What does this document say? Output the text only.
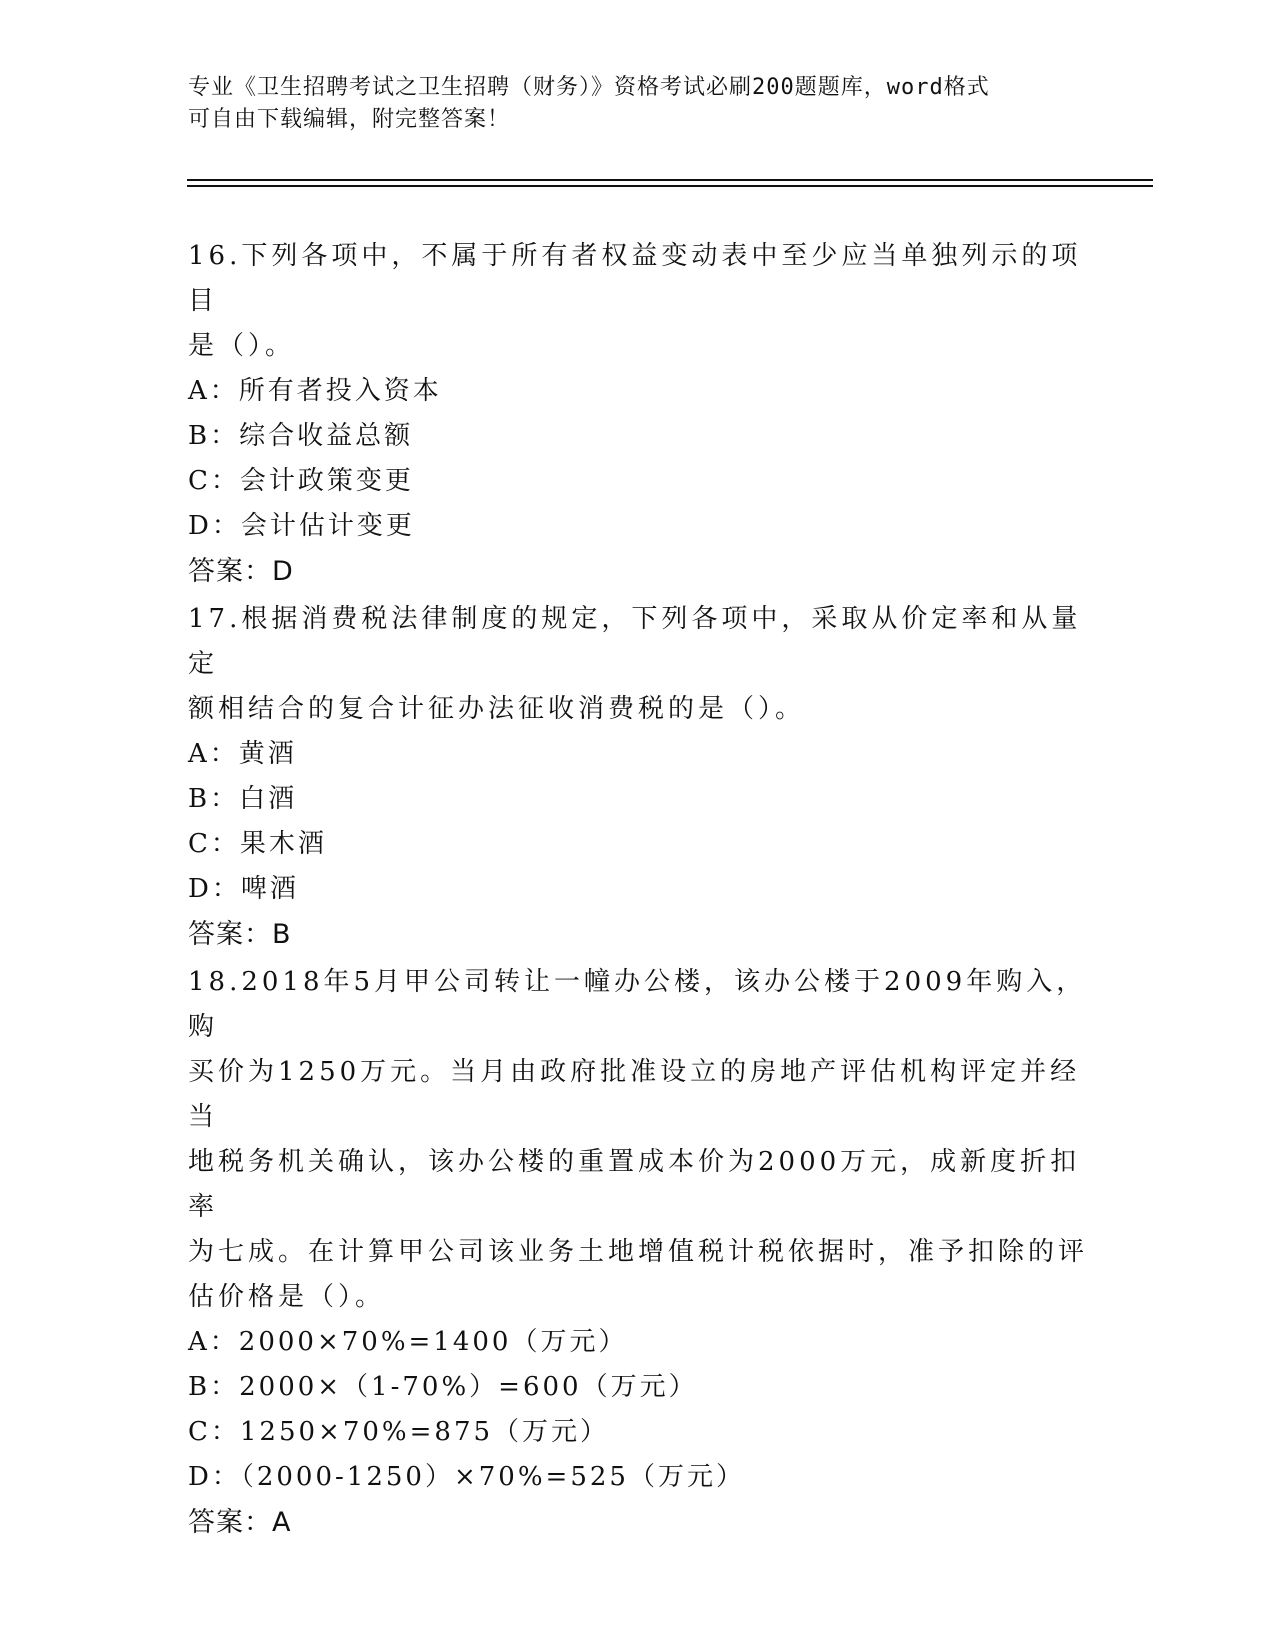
专业《卫生招聘考试之卫生招聘（财务）》资格考试必刷200题题库，word格式
可自由下载编辑，附完整答案！
16.下列各项中，不属于所有者权益变动表中至少应当单独列示的项目
是（）。
A：所有者投入资本
B：综合收益总额
C：会计政策变更
D：会计估计变更
答案：D
17.根据消费税法律制度的规定，下列各项中，采取从价定率和从量定
额相结合的复合计征办法征收消费税的是（）。
A：黄酒
B：白酒
C：果木酒
D：啤酒
答案：B
18.2018年5月甲公司转让一幢办公楼，该办公楼于2009年购入，购
买价为1250万元。当月由政府批准设立的房地产评估机构评定并经当
地税务机关确认，该办公楼的重置成本价为2000万元，成新度折扣率
为七成。在计算甲公司该业务土地增值税计税依据时，准予扣除的评
估价格是（）。
A：2000×70%=1400（万元）
B：2000×（1-70%）=600（万元）
C：1250×70%=875（万元）
D：（2000-1250）×70%=525（万元）
答案：A
